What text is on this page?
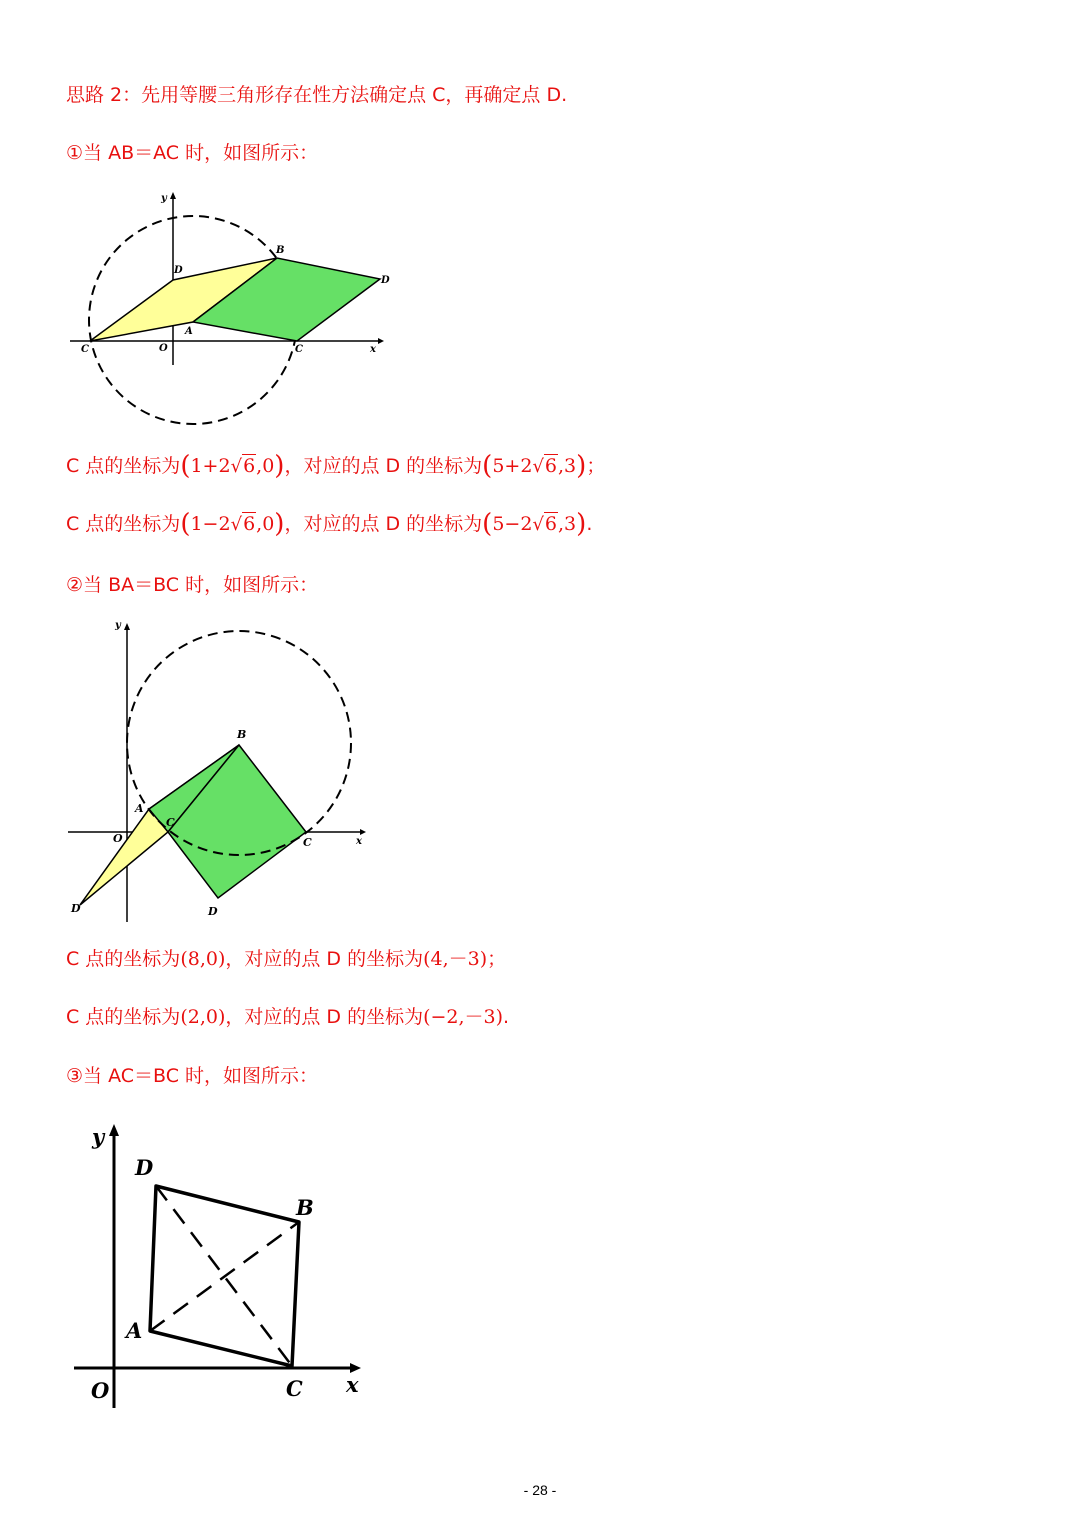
思路 2：先用等腰三角形存在性方法确定点 C，再确定点 D.

①当 AB＝AC 时，如图所示：

y
x
O
A
B
C	C
D
D

C 点的坐标为(1+2√6,0)，对应的点 D 的坐标为(5+2√6,3)；

C 点的坐标为(1−2√6,0)，对应的点 D 的坐标为(5−2√6,3).

②当 BA＝BC 时，如图所示：

y
x
O
A
B
C
C
D	D

C 点的坐标为(8,0)，对应的点 D 的坐标为(4,－3)；

C 点的坐标为(2,0)，对应的点 D 的坐标为(−2,－3).

③当 AC＝BC 时，如图所示：

y
x
O
A
B
C
D
- 28 -
